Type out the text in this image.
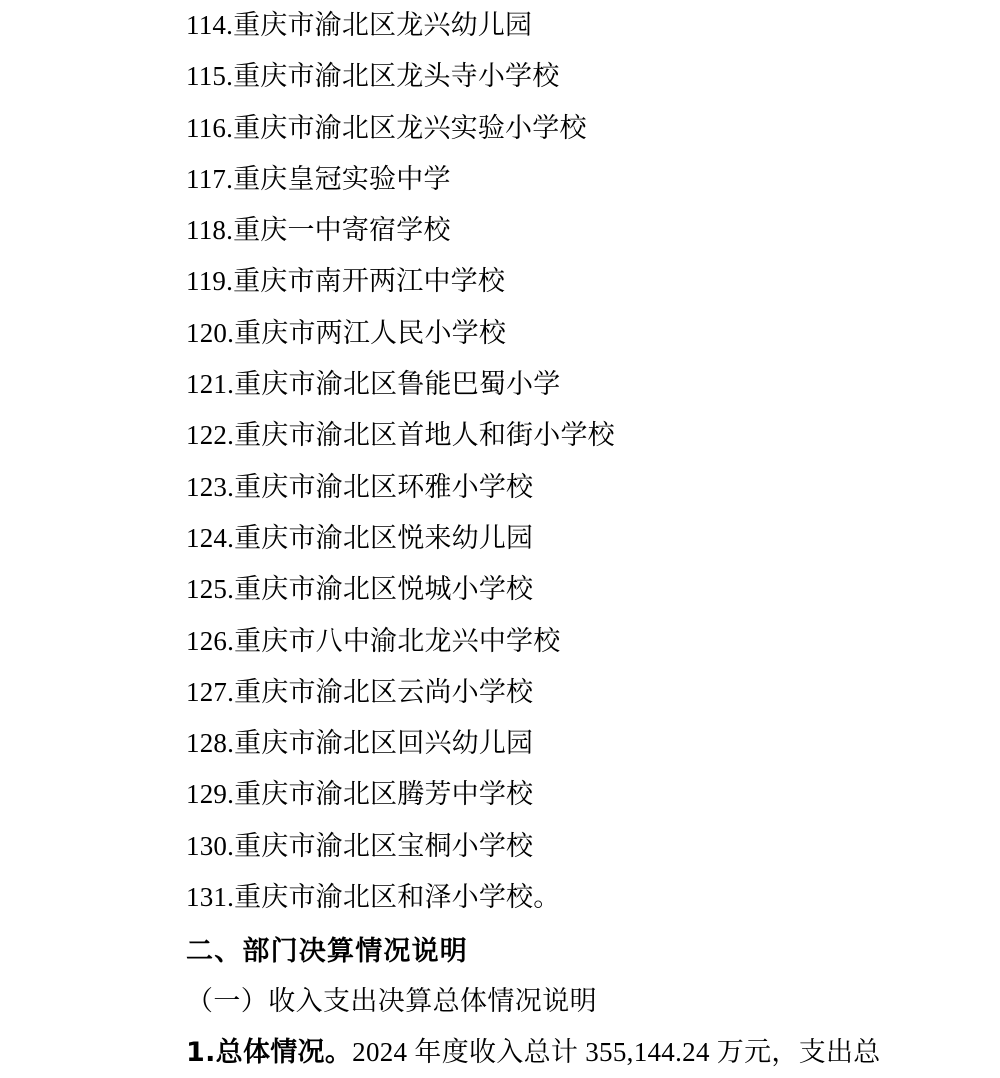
114.重庆市渝北区龙兴幼儿园
115.重庆市渝北区龙头寺小学校
116.重庆市渝北区龙兴实验小学校
117.重庆皇冠实验中学
118.重庆一中寄宿学校
119.重庆市南开两江中学校
120.重庆市两江人民小学校
121.重庆市渝北区鲁能巴蜀小学
122.重庆市渝北区首地人和街小学校
123.重庆市渝北区环雅小学校
124.重庆市渝北区悦来幼儿园
125.重庆市渝北区悦城小学校
126.重庆市八中渝北龙兴中学校
127.重庆市渝北区云尚小学校
128.重庆市渝北区回兴幼儿园
129.重庆市渝北区腾芳中学校
130.重庆市渝北区宝桐小学校
131.重庆市渝北区和泽小学校。
二、部门决算情况说明
（一）收入支出决算总体情况说明
1.总体情况。2024 年度收入总计 355,144.24 万元，支出总
